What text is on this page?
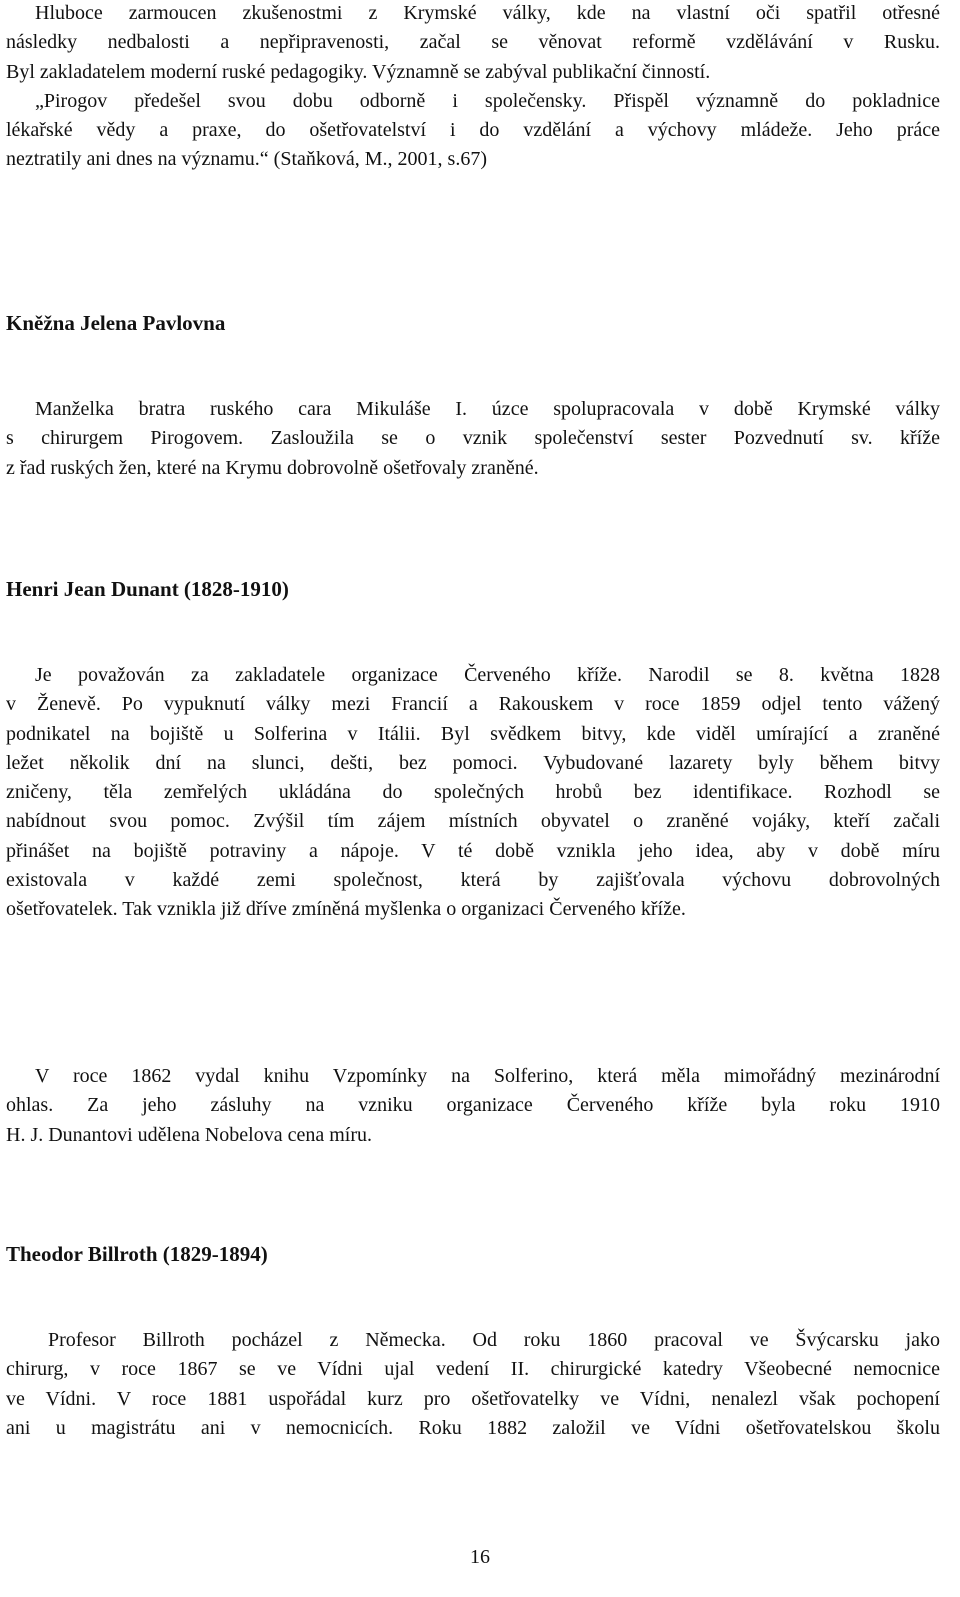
Hluboce zarmoucen zkušenostmi z Krymské války, kde na vlastní oči spatřil otřesné
následky nedbalosti a nepřipravenosti, začal se věnovat reformě vzdělávání v Rusku.
Byl zakladatelem moderní ruské pedagogiky. Významně se zabýval publikační činností.
„Pirogov předešel svou dobu odborně i společensky. Přispěl významně do pokladnice
lékařské vědy a praxe, do ošetřovatelství i do vzdělání a výchovy mládeže. Jeho práce
neztratily ani dnes na významu.“ (Staňková, M., 2001, s.67)
Kněžna Jelena Pavlovna
Manželka bratra ruského cara Mikuláše I. úzce spolupracovala v době Krymské války
s chirurgem Pirogovem. Zasloužila se o vznik společenství sester Pozvednutí sv. kříže
z řad ruských žen, které na Krymu dobrovolně ošetřovaly zraněné.
Henri Jean Dunant (1828-1910)
Je považován za zakladatele organizace Červeného kříže. Narodil se 8. května 1828
v Ženevě. Po vypuknutí války mezi Francií a Rakouskem v roce 1859 odjel tento vážený
podnikatel na bojiště u Solferina v Itálii. Byl svědkem bitvy, kde viděl umírající a zraněné
ležet několik dní na slunci, dešti, bez pomoci. Vybudované lazarety byly během bitvy
zničeny, těla zemřelých ukládána do společných hrobů bez identifikace. Rozhodl se
nabídnout svou pomoc. Zvýšil tím zájem místních obyvatel o zraněné vojáky, kteří začali
přinášet na bojiště potraviny a nápoje. V té době vznikla jeho idea, aby v době míru
existovala v každé zemi společnost, která by zajišťovala výchovu dobrovolných
ošetřovatelek. Tak vznikla již dříve zmíněná myšlenka o organizaci Červeného kříže.
V roce 1862 vydal knihu Vzpomínky na Solferino, která měla mimořádný mezinárodní
ohlas. Za jeho zásluhy na vzniku organizace Červeného kříže byla roku 1910
H. J. Dunantovi udělena Nobelova cena míru.
Theodor Billroth (1829-1894)
Profesor Billroth pocházel z Německa. Od roku 1860 pracoval ve Švýcarsku jako
chirurg, v roce 1867 se ve Vídni ujal vedení II. chirurgické katedry Všeobecné nemocnice
ve Vídni. V roce 1881 uspořádal kurz pro ošetřovatelky ve Vídni, nenalezl však pochopení
ani u magistrátu ani v nemocnicích. Roku 1882 založil ve Vídni ošetřovatelskou školu
16
